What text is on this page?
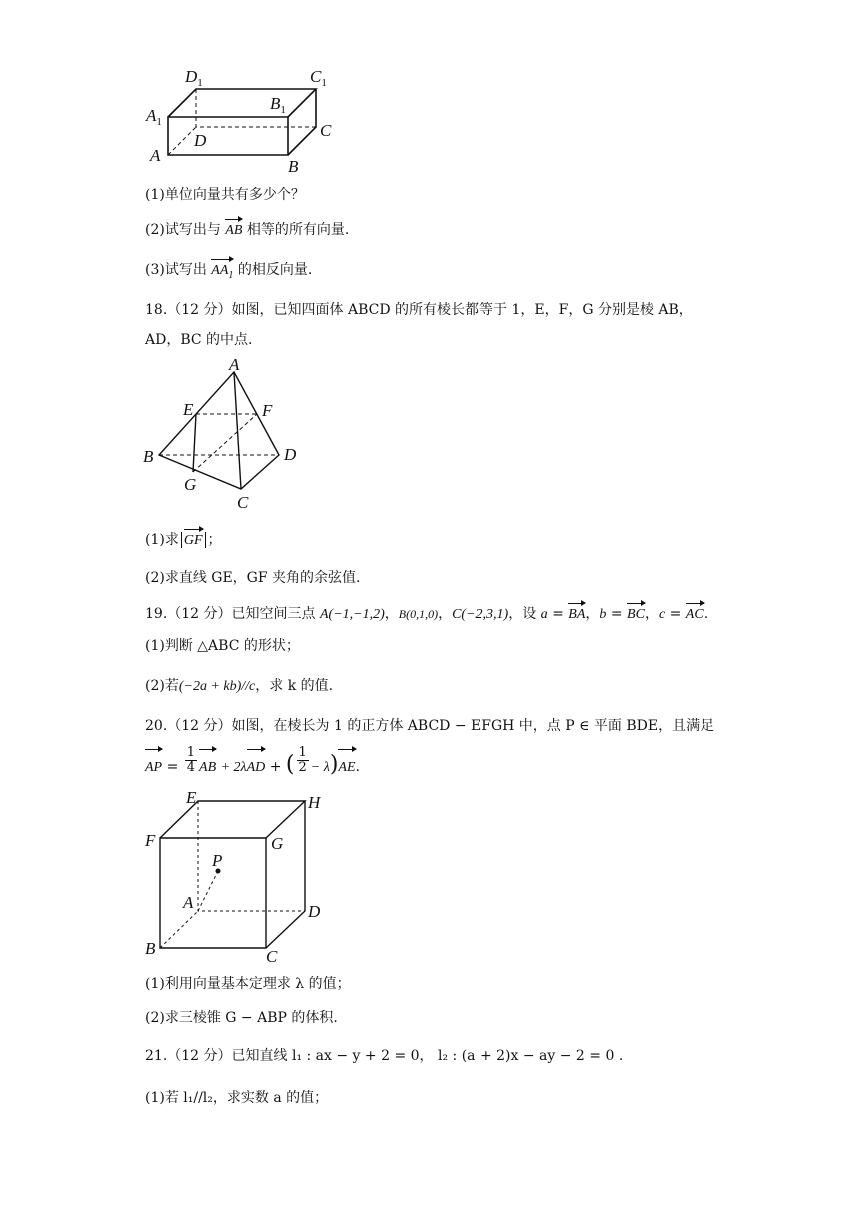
$D_1$	$C_1$
$A_1$
$B_1$
A
D
C
B
(1)单位向量共有多少个？
(2)试写出与 AB 相等的所有向量.
(3)试写出 $AA_1$ 的相反向量.
18.（12 分）如图，已知四面体 ABCD 的所有棱长都等于 1，E，F，G 分别是棱 AB，
AD，BC 的中点.
A
E	F
B	D
G
C
(1)求 GF ；
(2)求直线 GE，GF 夹角的余弦值.
19.（12 分）已知空间三点 A(−1,−1,2)，B(0,1,0)，C(−2,3,1)，设 a = BA，b = BC，c = AC.
(1)判断 △ABC 的形状；
(2)若(−2a + kb)//c，求 k 的值.
20.（12 分）如图，在棱长为 1 的正方体 ABCD − EFGH 中，点 P ∈ 平面 BDE，且满足
AP = $\frac{1}{4}$ AB + 2λAD + ( $\frac{1}{2} - \lambda)AE$.
E	H
F	G
P
A	D
B	C
(1)利用向量基本定理求 λ 的值；
(2)求三棱锥 G − ABP 的体积.
21.（12 分）已知直线 l₁ : ax − y + 2 = 0， l₂ : (a + 2)x − ay − 2 = 0 .
(1)若 l₁//l₂，求实数 a 的值；
